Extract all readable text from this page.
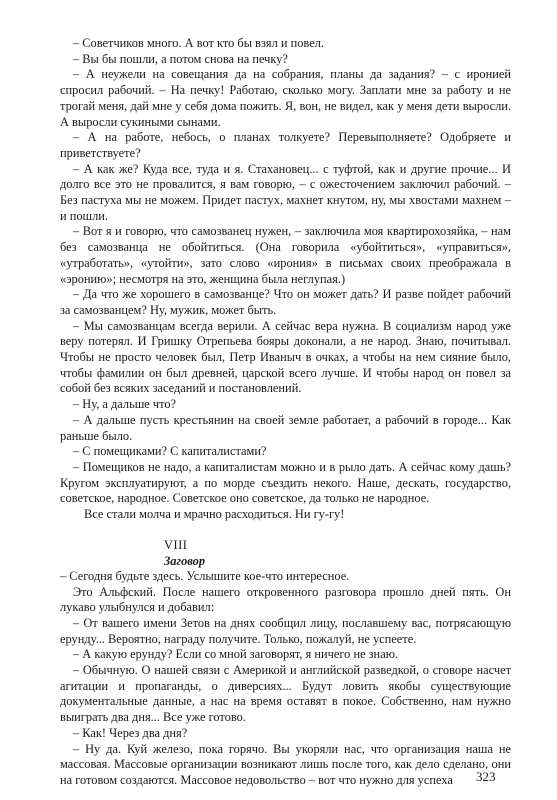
– Советчиков много. А вот кто бы взял и повел.

– Вы бы пошли, а потом снова на печку?

– А неужели на совещания да на собрания, планы да задания? – с иронией спросил рабочий. – На печку! Работаю, сколько могу. Заплати мне за работу и не трогай меня, дай мне у себя дома пожить. Я, вон, не видел, как у меня дети выросли. А выросли сукиными сынами.

– А на работе, небось, о планах толкуете? Перевыполняете? Одобряете и приветствуете?

– А как же? Куда все, туда и я. Стахановец... с туфтой, как и другие прочие... И долго все это не провалится, я вам говорю, – с ожесточением заключил рабочий. – Без пастуха мы не можем. Придет пастух, махнет кнутом, ну, мы хвостами махнем – и пошли.

– Вот я и говорю, что самозванец нужен, – заключила моя квартирохозяйка, – нам без самозванца не обойтиться. (Она говорила «убойтиться», «управиться», «утработать», «утойти», зато слово «ирония» в письмах своих преображала в «эронию»; несмотря на это, женщина была неглупая.)

– Да что же хорошего в самозванце? Что он может дать? И разве пойдет рабочий за самозванцем? Ну, мужик, может быть.

– Мы самозванцам всегда верили. А сейчас вера нужна. В социализм народ уже веру потерял. И Гришку Отрепьева бояры доконали, а не народ. Знаю, почитывал. Чтобы не просто человек был, Петр Иваныч в очках, а чтобы на нем сияние было, чтобы фамилии он был древней, царской всего лучше. И чтобы народ он повел за собой без всяких заседаний и постановлений.

– Ну, а дальше что?

– А дальше пусть крестьянин на своей земле работает, а рабочий в городе... Как раньше было.

– С помещиками? С капиталистами?

– Помещиков не надо, а капиталистам можно и в рыло дать. А сейчас кому дашь? Кругом эксплуатируют, а по морде съездить некого. Наше, дескать, государство, советское, народное. Советское оно советское, да только не народное.

Все стали молча и мрачно расходиться. Ни гу-гу!

VIII
Заговор

– Сегодня будьте здесь. Услышите кое-что интересное.

Это Альфский. После нашего откровенного разговора прошло дней пять. Он лукаво улыбнулся и добавил:

– От вашего имени Зетов на днях сообщил лицу, пославшему вас, потрясающую ерунду... Вероятно, награду получите. Только, пожалуй, не успеете.

– А какую ерунду? Если со мной заговорят, я ничего не знаю.

– Обычную. О нашей связи с Америкой и английской разведкой, о сговоре насчет агитации и пропаганды, о диверсиях... Будут ловить якобы существующие документальные данные, а нас на время оставят в покое. Собственно, нам нужно выиграть два дня... Все уже готово.

– Как! Через два дня?

– Ну да. Куй железо, пока горячо. Вы укоряли нас, что организация наша не массовая. Массовые организации возникают лишь после того, как дело сделано, они на готовом создаются. Массовое недовольство – вот что нужно для успеха	323
